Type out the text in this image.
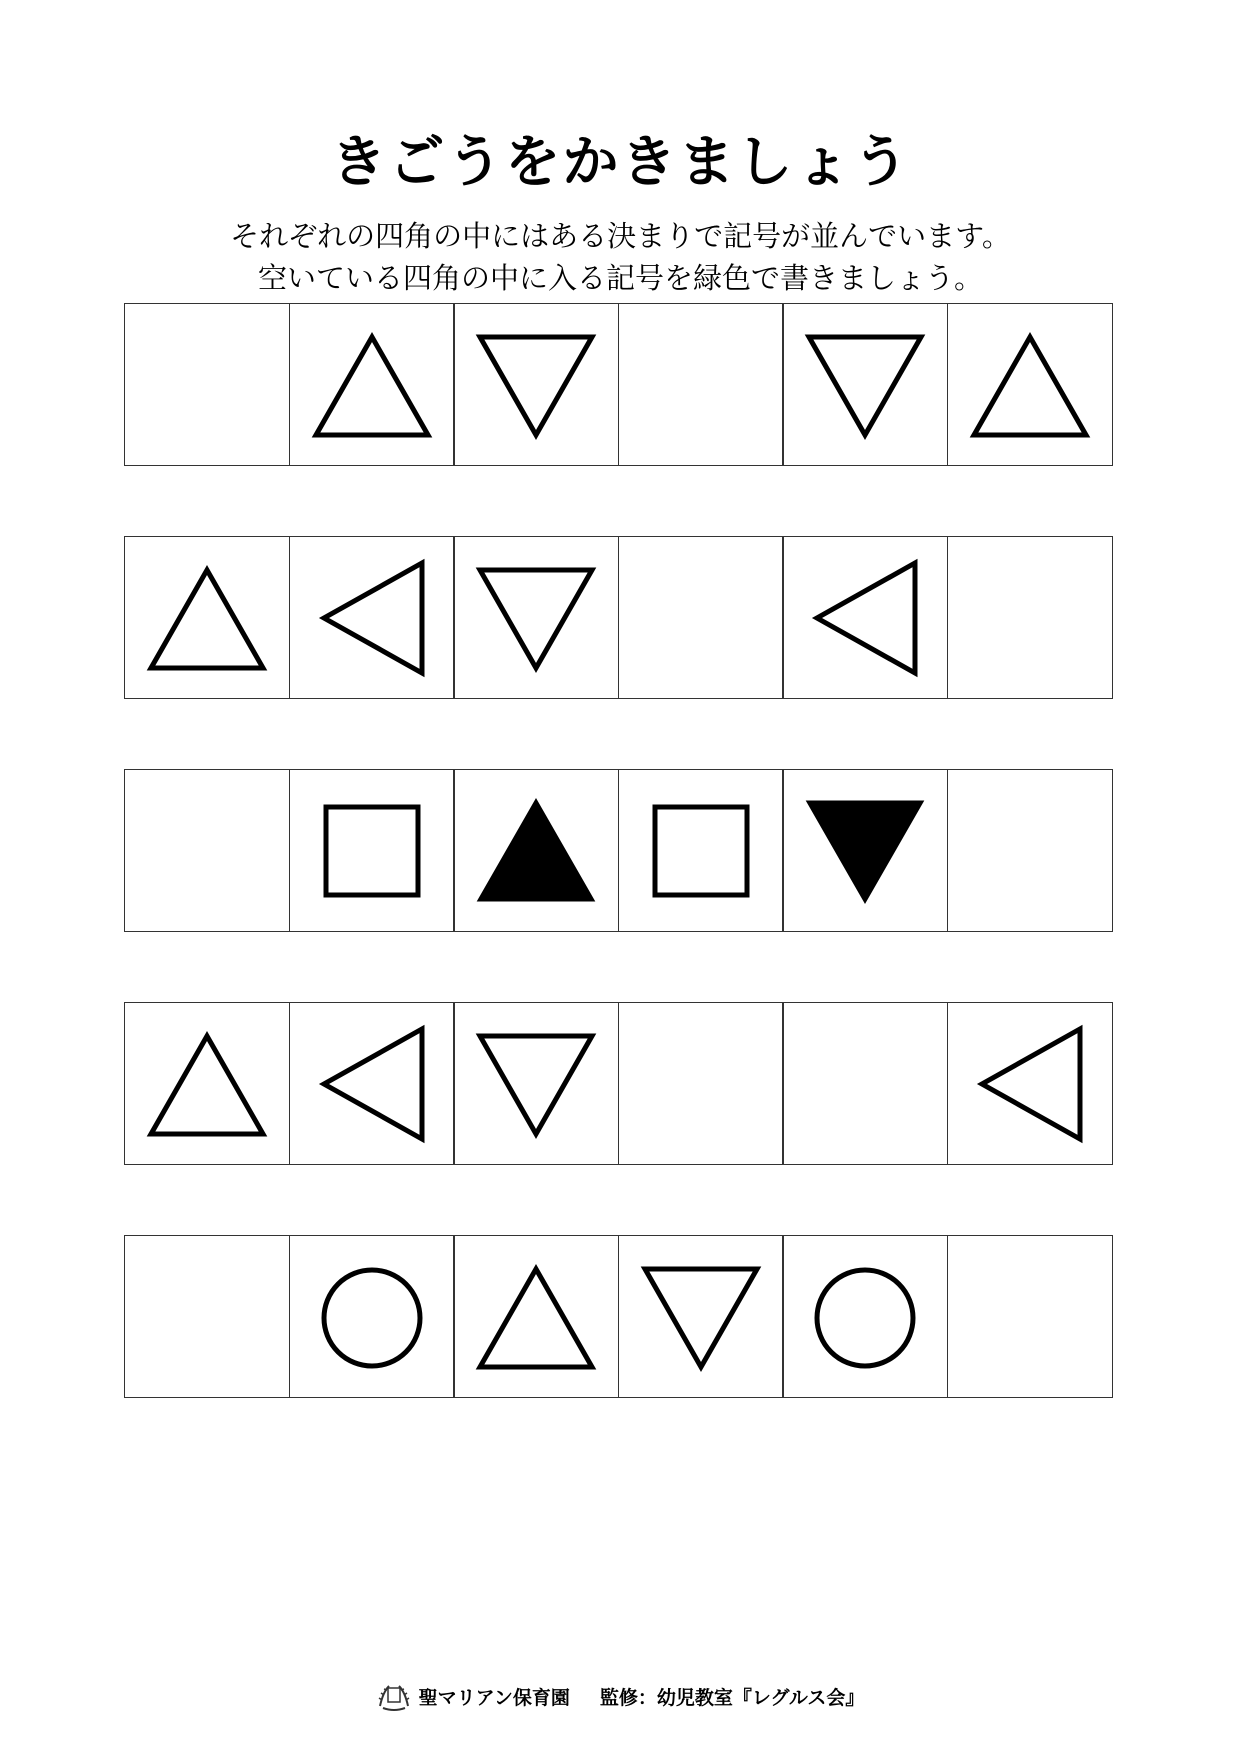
きごうをかきましょう
それぞれの四角の中にはある決まりで記号が並んでいます。
空いている四角の中に入る記号を緑色で書きましょう。
聖マリアン保育園 監修：幼児教室『レグルス会』
